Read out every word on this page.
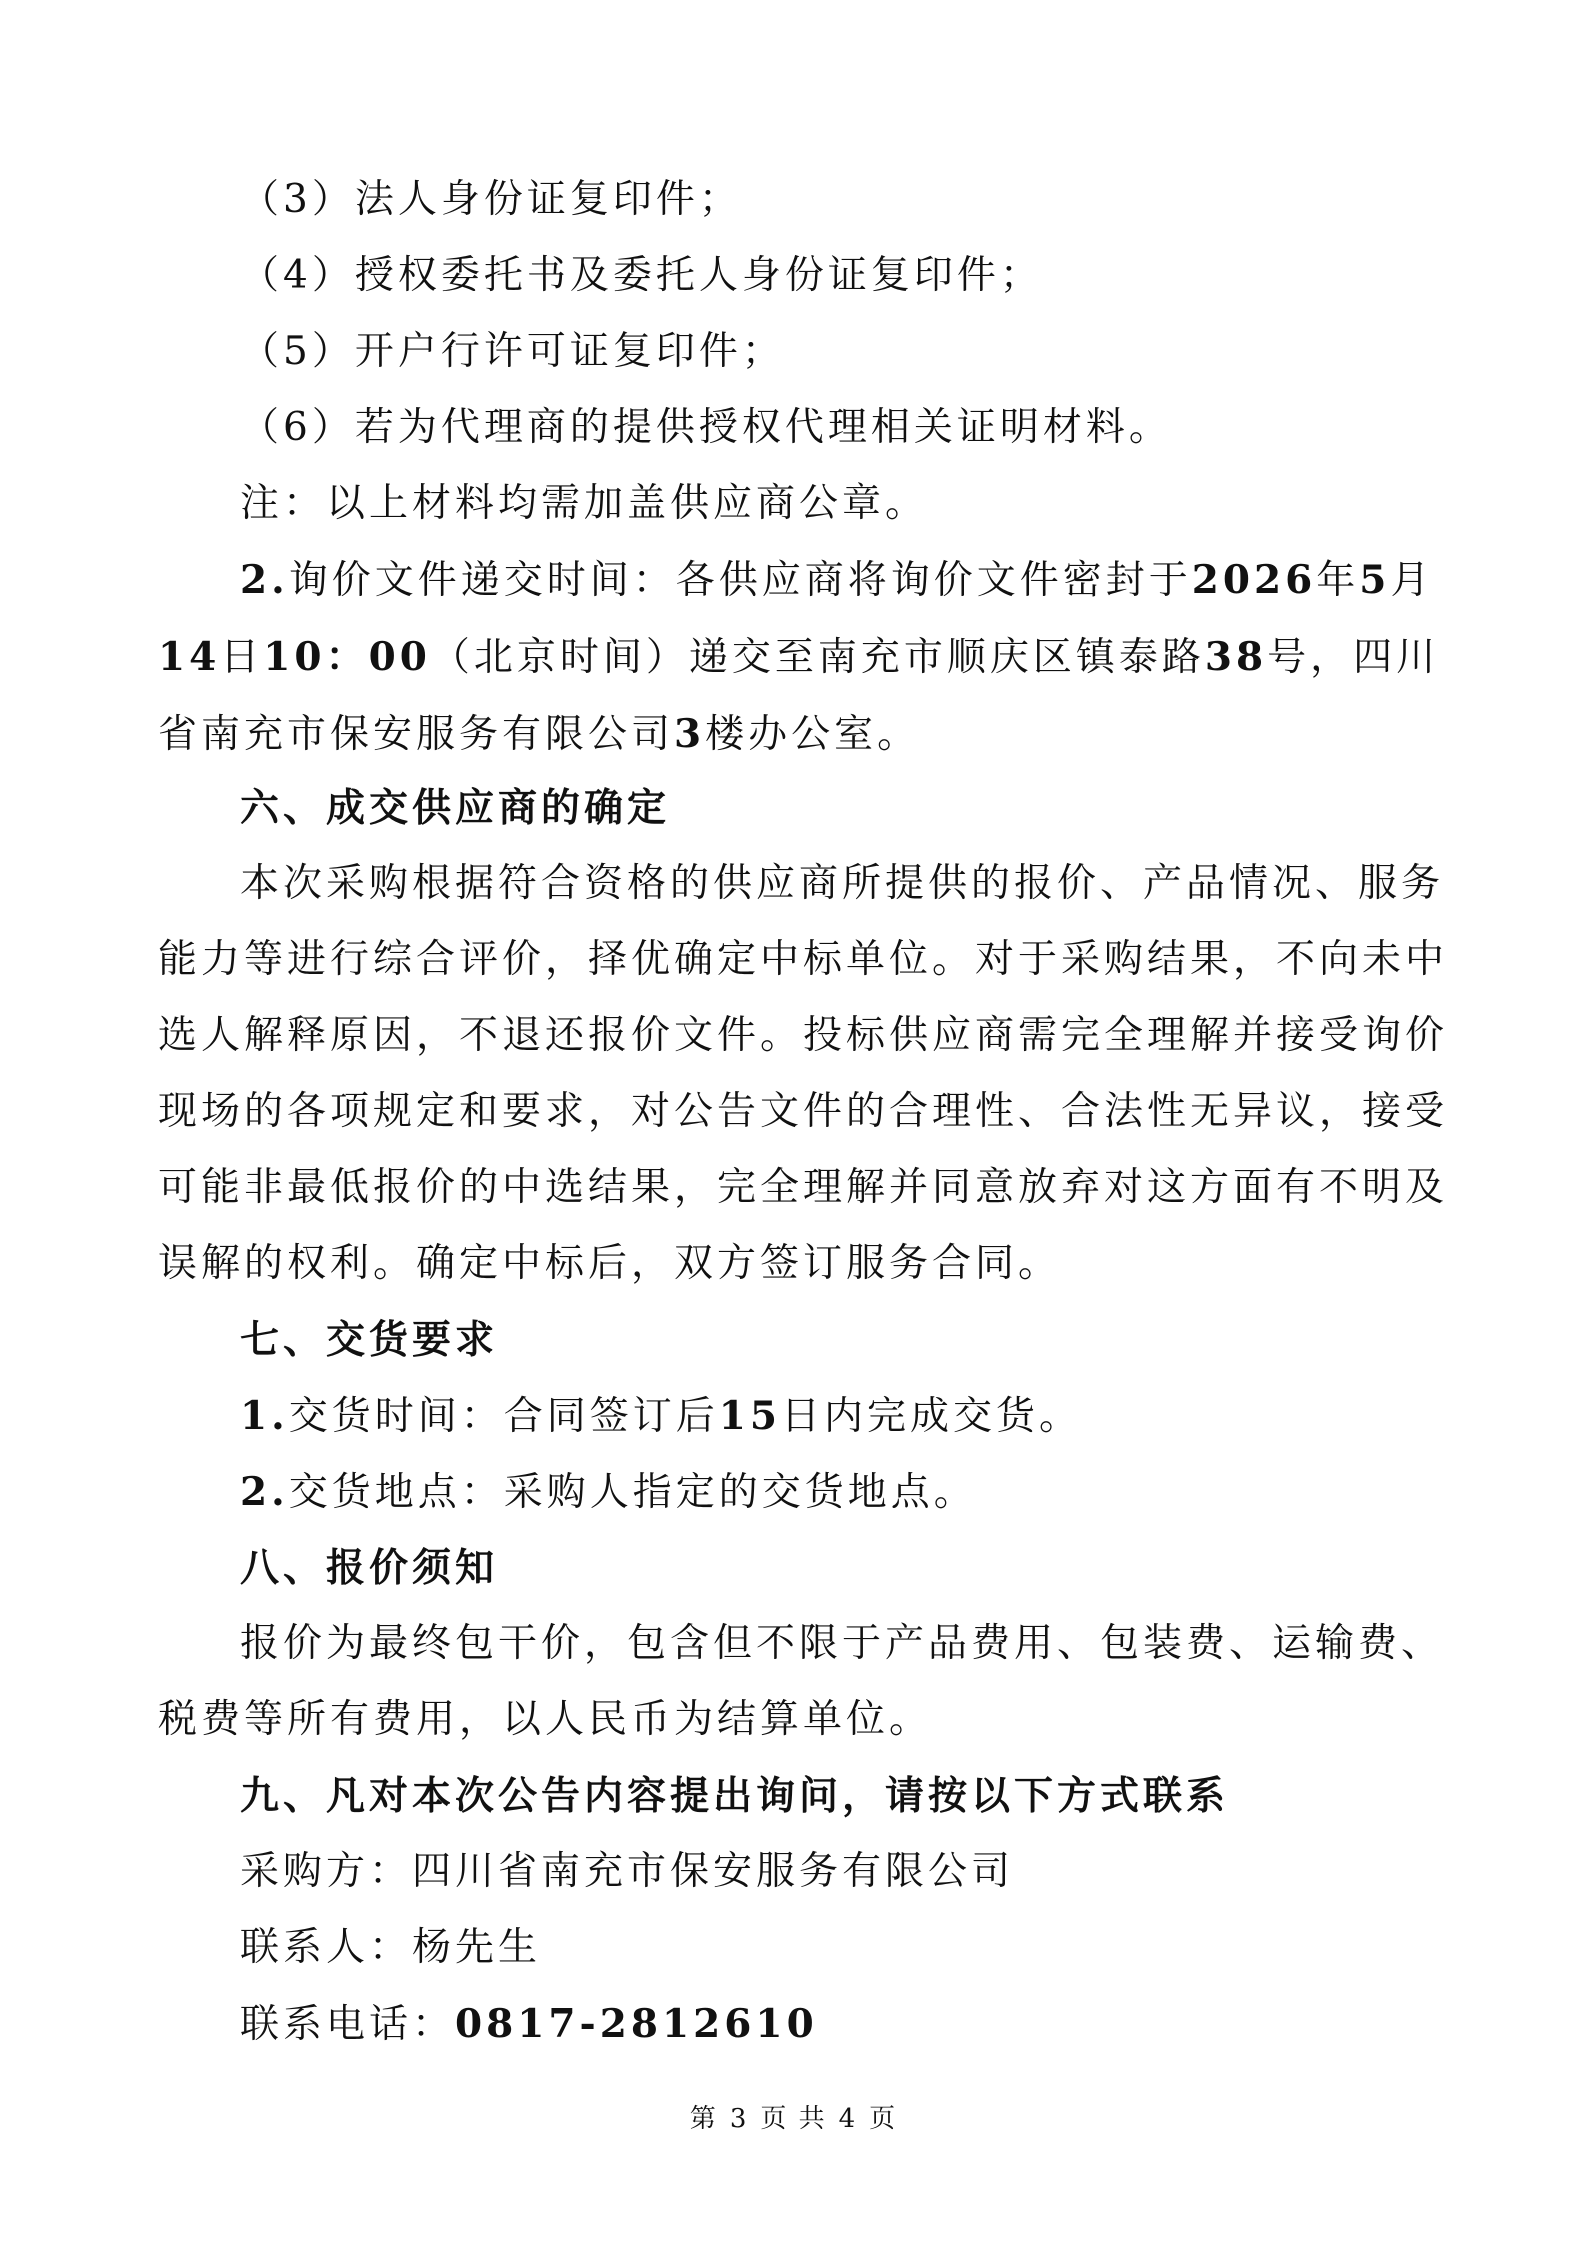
（3）法人身份证复印件；

（4）授权委托书及委托人身份证复印件；

（5）开户行许可证复印件；

（6）若为代理商的提供授权代理相关证明材料。

注：以上材料均需加盖供应商公章。

2.询价文件递交时间：各供应商将询价文件密封于2026年5月14日10：00（北京时间）递交至南充市顺庆区镇泰路38号，四川省南充市保安服务有限公司3楼办公室。

六、成交供应商的确定

本次采购根据符合资格的供应商所提供的报价、产品情况、服务能力等进行综合评价，择优确定中标单位。对于采购结果，不向未中选人解释原因，不退还报价文件。投标供应商需完全理解并接受询价现场的各项规定和要求，对公告文件的合理性、合法性无异议，接受可能非最低报价的中选结果，完全理解并同意放弃对这方面有不明及误解的权利。确定中标后，双方签订服务合同。

七、交货要求

1.交货时间：合同签订后15日内完成交货。

2.交货地点：采购人指定的交货地点。

八、报价须知

报价为最终包干价，包含但不限于产品费用、包装费、运输费、税费等所有费用，以人民币为结算单位。

九、凡对本次公告内容提出询问，请按以下方式联系

采购方：四川省南充市保安服务有限公司

联系人：杨先生

联系电话：0817-2812610

第 3 页 共 4 页
